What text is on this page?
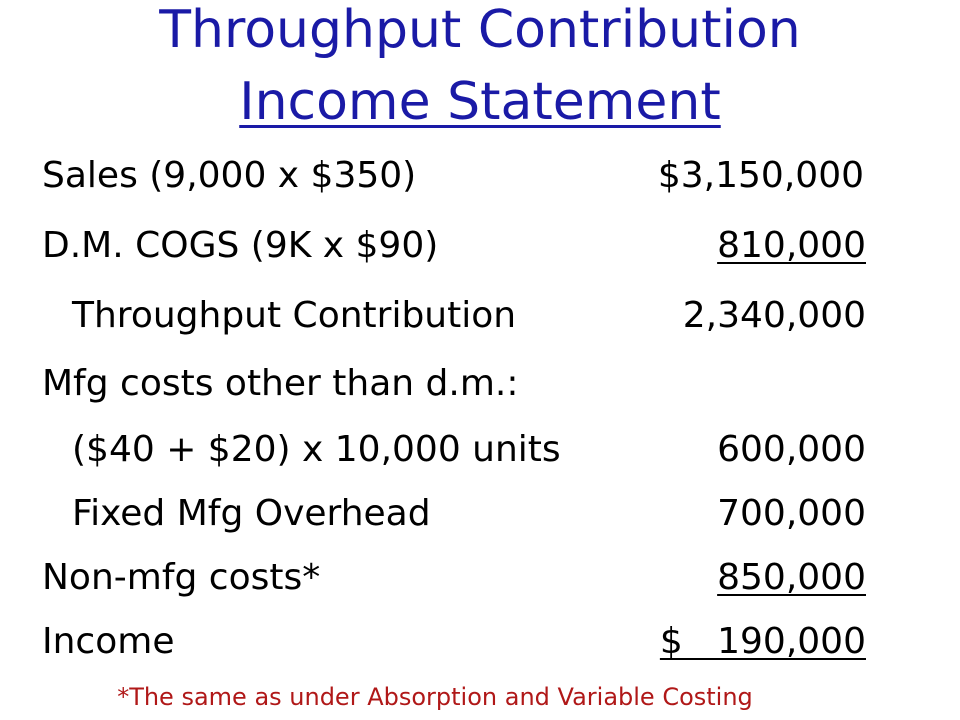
Throughput Contribution
Income Statement
Sales (9,000 x $350)	$3,150,000
D.M. COGS (9K x $90)	810,000
Throughput Contribution	2,340,000
Mfg costs other than d.m.:
($40 + $20) x 10,000 units	600,000
Fixed Mfg Overhead	700,000
Non-mfg costs*	850,000
Income	$   190,000
*The same as under Absorption and Variable Costing
